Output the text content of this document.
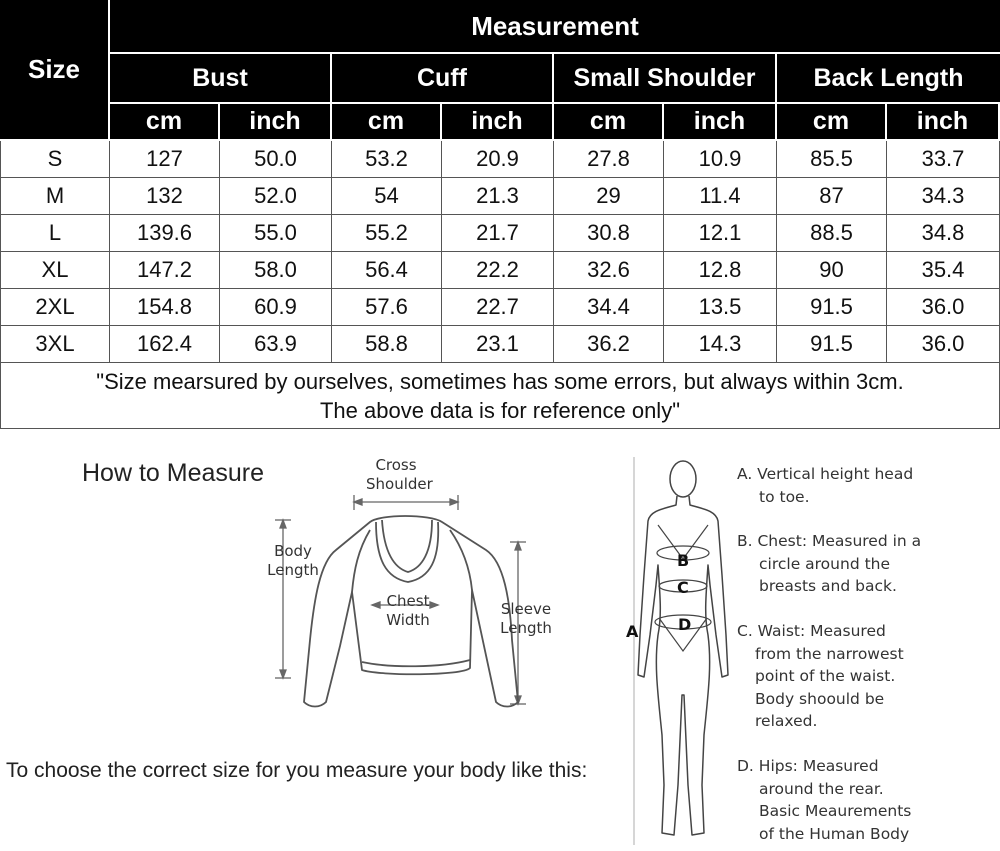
Size
Measurement
Bust	Cuff	Small Shoulder	Back Length
"Size mearsured by ourselves, sometimes has some errors, but always within 3cm.
The above data is for reference only"
cm	inch	cm	inch	cm	inch	cm	inch
S	127	50.0	53.2	20.9	27.8	10.9	85.5	33.7
M	132	52.0	54	21.3	29	11.4	87	34.3
L	139.6	55.0	55.2	21.7	30.8	12.1	88.5	34.8
XL	147.2	58.0	56.4	22.2	32.6	12.8	90	35.4
2XL	154.8	60.9	57.6	22.7	34.4	13.5	91.5	36.0
3XL	162.4	63.9	58.8	23.1	36.2	14.3	91.5	36.0
How to Measure	Cross
Shoulder
Body
Length
Chest
Width
Sleeve
Length
To choose the correct size for you measure your body like this:
A
B
C
D
A. Vertical height head
to toe.
B. Chest: Measured in a
circle around the
breasts and back.
C. Waist: Measured
from the narrowest
point of the waist.
Body shoould be
relaxed.
D. Hips: Measured
around the rear.
Basic Meaurements
of the Human Body
